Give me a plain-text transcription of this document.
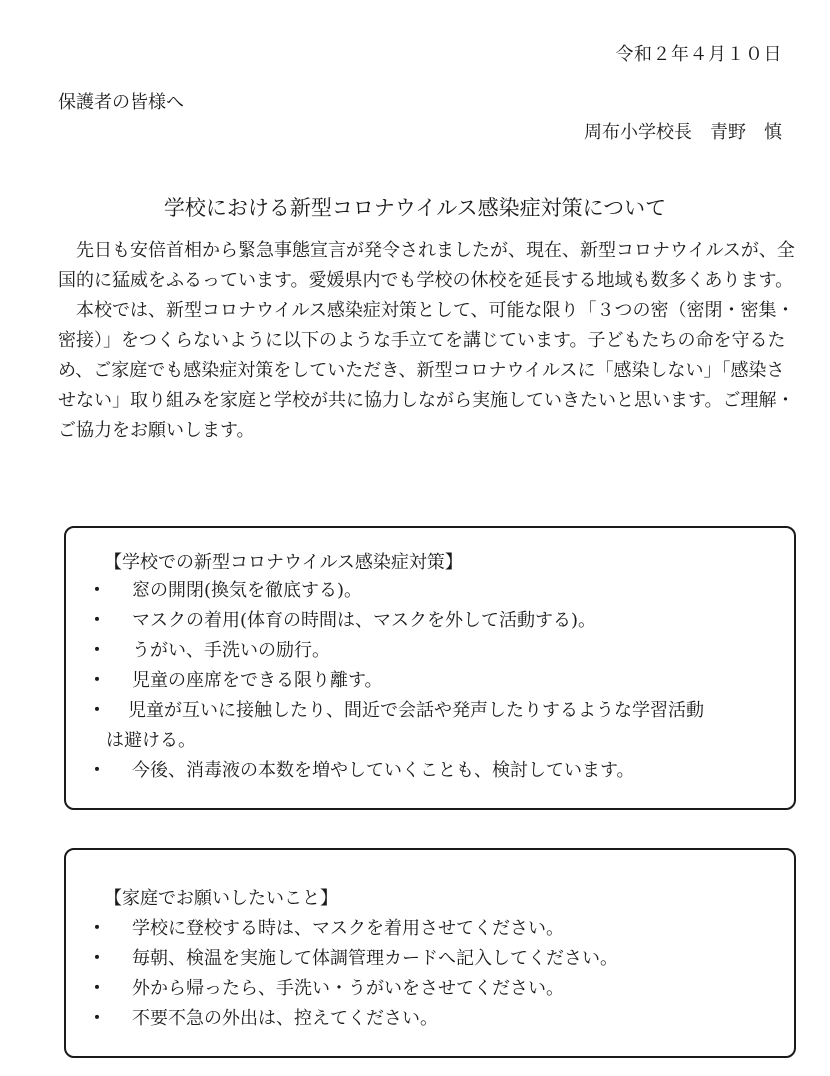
令和２年４月１０日
保護者の皆様へ
周布小学校長　青野　慎
学校における新型コロナウイルス感染症対策について

先日も安倍首相から緊急事態宣言が発令されましたが、現在、新型コロナウイルスが、全国的に猛威をふるっています。愛媛県内でも学校の休校を延長する地域も数多くあります。

本校では、新型コロナウイルス感染症対策として、可能な限り「３つの密（密閉・密集・密接）」をつくらないように以下のような手立てを講じています。子どもたちの命を守るため、ご家庭でも感染症対策をしていただき、新型コロナウイルスに「感染しない」「感染させない」取り組みを家庭と学校が共に協力しながら実施していきたいと思います。ご理解・ご協力をお願いします。

【学校での新型コロナウイルス感染症対策】
・ 窓の開閉(換気を徹底する)。
・ マスクの着用(体育の時間は、マスクを外して活動する)。
・ うがい、手洗いの励行。
・ 児童の座席をできる限り離す。
・ 児童が互いに接触したり、間近で会話や発声したりするような学習活動
は避ける。
・ 今後、消毒液の本数を増やしていくことも、検討しています。
【家庭でお願いしたいこと】
・ 学校に登校する時は、マスクを着用させてください。
・ 毎朝、検温を実施して体調管理カードへ記入してください。
・ 外から帰ったら、手洗い・うがいをさせてください。
・ 不要不急の外出は、控えてください。
